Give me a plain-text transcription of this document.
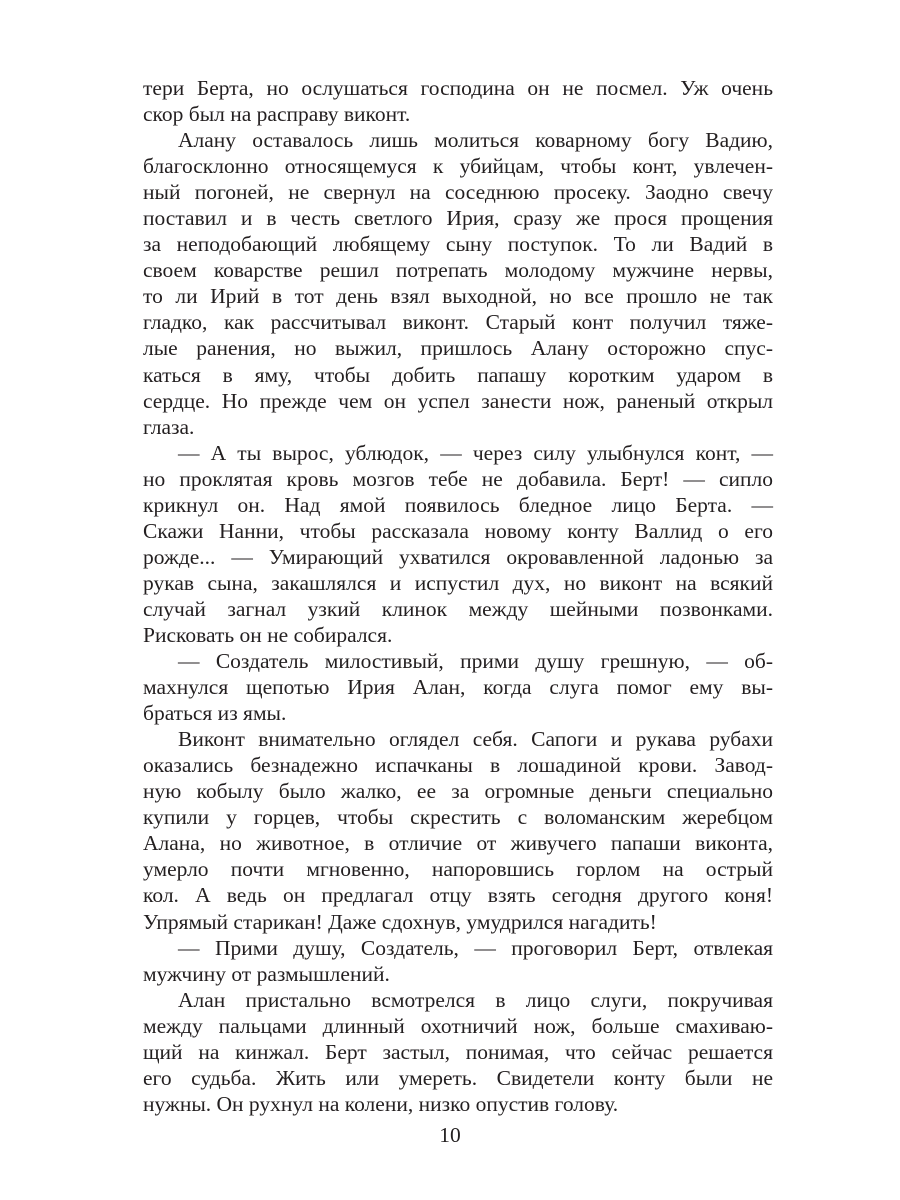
тери Берта, но ослушаться господина он не посмел. Уж очень
скор был на расправу виконт.
Алану оставалось лишь молиться коварному богу Вадию,
благосклонно относящемуся к убийцам, чтобы конт, увлечен-
ный погоней, не свернул на соседнюю просеку. Заодно свечу
поставил и в честь светлого Ирия, сразу же прося прощения
за неподобающий любящему сыну поступок. То ли Вадий в
своем коварстве решил потрепать молодому мужчине нервы,
то ли Ирий в тот день взял выходной, но все прошло не так
гладко, как рассчитывал виконт. Старый конт получил тяже-
лые ранения, но выжил, пришлось Алану осторожно спус-
каться в яму, чтобы добить папашу коротким ударом в
сердце. Но прежде чем он успел занести нож, раненый открыл
глаза.
— А ты вырос, ублюдок, — через силу улыбнулся конт, —
но проклятая кровь мозгов тебе не добавила. Берт! — сипло
крикнул он. Над ямой появилось бледное лицо Берта. —
Скажи Нанни, чтобы рассказала новому конту Валлид о его
рожде... — Умирающий ухватился окровавленной ладонью за
рукав сына, закашлялся и испустил дух, но виконт на всякий
случай загнал узкий клинок между шейными позвонками.
Рисковать он не собирался.
— Создатель милостивый, прими душу грешную, — об-
махнулся щепотью Ирия Алан, когда слуга помог ему вы-
браться из ямы.
Виконт внимательно оглядел себя. Сапоги и рукава рубахи
оказались безнадежно испачканы в лошадиной крови. Завод-
ную кобылу было жалко, ее за огромные деньги специально
купили у горцев, чтобы скрестить с воломанским жеребцом
Алана, но животное, в отличие от живучего папаши виконта,
умерло почти мгновенно, напоровшись горлом на острый
кол. А ведь он предлагал отцу взять сегодня другого коня!
Упрямый старикан! Даже сдохнув, умудрился нагадить!
— Прими душу, Создатель, — проговорил Берт, отвлекая
мужчину от размышлений.
Алан пристально всмотрелся в лицо слуги, покручивая
между пальцами длинный охотничий нож, больше смахиваю-
щий на кинжал. Берт застыл, понимая, что сейчас решается
его судьба. Жить или умереть. Свидетели конту были не
нужны. Он рухнул на колени, низко опустив голову.
10
